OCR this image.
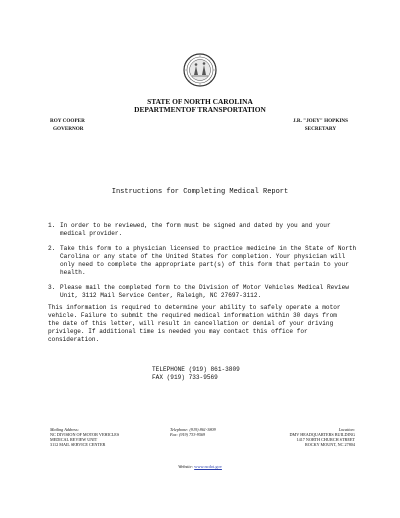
STATE OF NORTH CAROLINA
DEPARTMENTOF TRANSPORTATION
ROY COOPER
GOVERNOR
J.R. "JOEY" HOPKINS
SECRETARY
Instructions for Completing Medical Report
1. In order to be reviewed, the form must be signed and dated by you and your medical provider.
2. Take this form to a physician licensed to practice medicine in the State of North Carolina or any state of the United States for completion. Your physician will only need to complete the appropriate part(s) of this form that pertain to your health.
3. Please mail the completed form to the Division of Motor Vehicles Medical Review Unit, 3112 Mail Service Center, Raleigh, NC 27697-3112.
This information is required to determine your ability to safely operate a motor vehicle. Failure to submit the required medical information within 30 days from the date of this letter, will result in cancellation or denial of your driving privilege. If additional time is needed you may contact this office for consideration.
TELEPHONE (919) 861-3809
FAX (919) 733-9569
Mailing Address:
NC DIVISION OF MOTOR VEHICLES
MEDICAL REVIEW UNIT
3112 MAIL SERVICE CENTER
Telephone: (919) 861-3809
Fax: (919) 733-9569
Location:
DMV HEADQUARTERS BUILDING
1417 NORTH CHURCH STREET
ROCKY MOUNT, NC 27804
Website: www.ncdot.gov
